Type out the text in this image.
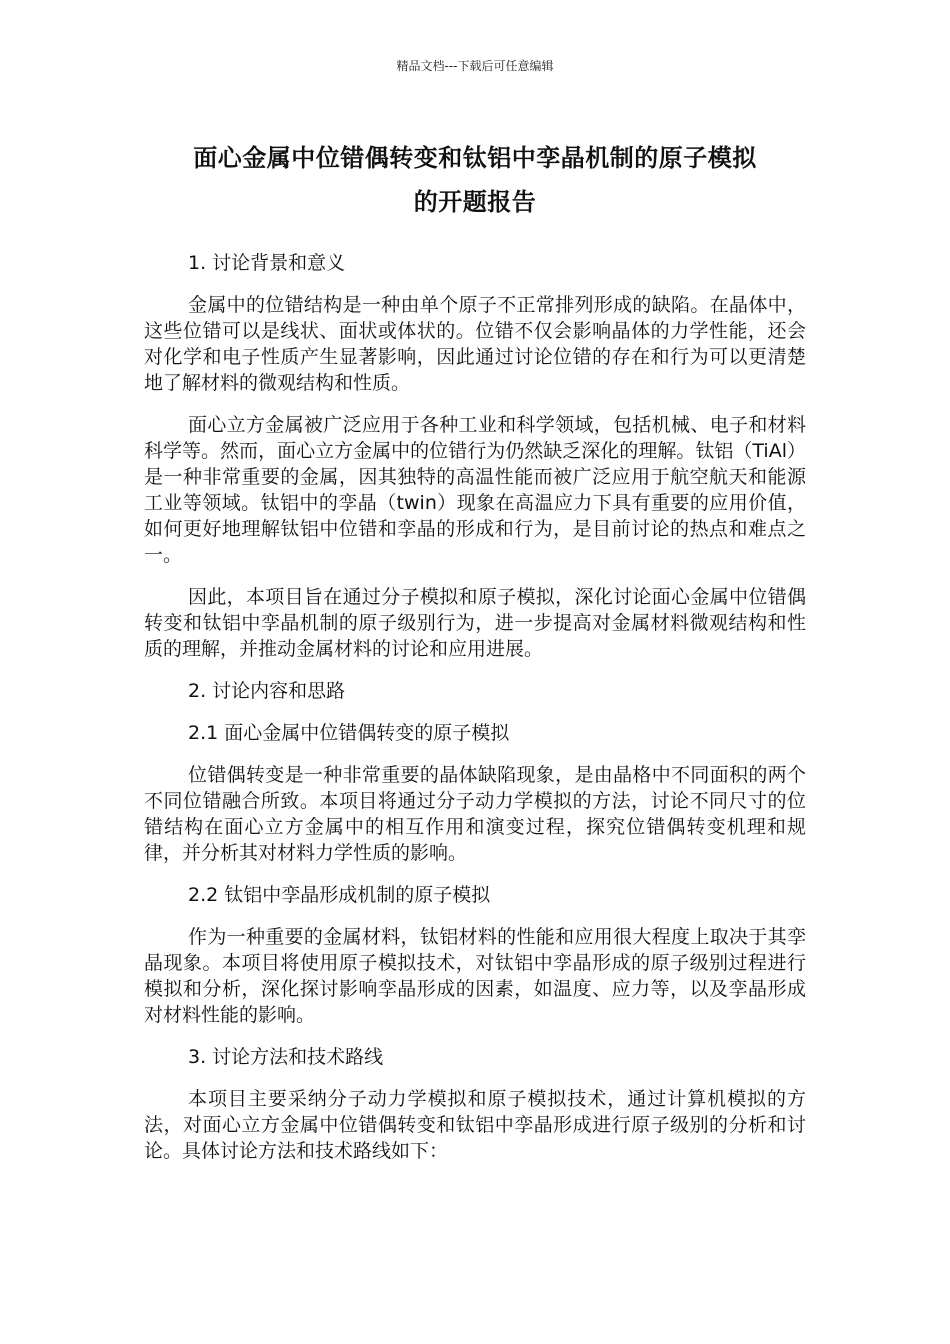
精品文档---下载后可任意编辑
面心金属中位错偶转变和钛铝中孪晶机制的原子模拟
的开题报告

1. 讨论背景和意义

金属中的位错结构是一种由单个原子不正常排列形成的缺陷。在晶体中，这些位错可以是线状、面状或体状的。位错不仅会影响晶体的力学性能，还会对化学和电子性质产生显著影响，因此通过讨论位错的存在和行为可以更清楚地了解材料的微观结构和性质。

面心立方金属被广泛应用于各种工业和科学领域，包括机械、电子和材料科学等。然而，面心立方金属中的位错行为仍然缺乏深化的理解。钛铝（TiAl）是一种非常重要的金属，因其独特的高温性能而被广泛应用于航空航天和能源工业等领域。钛铝中的孪晶（twin）现象在高温应力下具有重要的应用价值，如何更好地理解钛铝中位错和孪晶的形成和行为，是目前讨论的热点和难点之一。

因此，本项目旨在通过分子模拟和原子模拟，深化讨论面心金属中位错偶转变和钛铝中孪晶机制的原子级别行为，进一步提高对金属材料微观结构和性质的理解，并推动金属材料的讨论和应用进展。

2. 讨论内容和思路

2.1 面心金属中位错偶转变的原子模拟

位错偶转变是一种非常重要的晶体缺陷现象，是由晶格中不同面积的两个不同位错融合所致。本项目将通过分子动力学模拟的方法，讨论不同尺寸的位错结构在面心立方金属中的相互作用和演变过程，探究位错偶转变机理和规律，并分析其对材料力学性质的影响。

2.2 钛铝中孪晶形成机制的原子模拟

作为一种重要的金属材料，钛铝材料的性能和应用很大程度上取决于其孪晶现象。本项目将使用原子模拟技术，对钛铝中孪晶形成的原子级别过程进行模拟和分析，深化探讨影响孪晶形成的因素，如温度、应力等，以及孪晶形成对材料性能的影响。

3. 讨论方法和技术路线

本项目主要采纳分子动力学模拟和原子模拟技术，通过计算机模拟的方法，对面心立方金属中位错偶转变和钛铝中孪晶形成进行原子级别的分析和讨论。具体讨论方法和技术路线如下：
